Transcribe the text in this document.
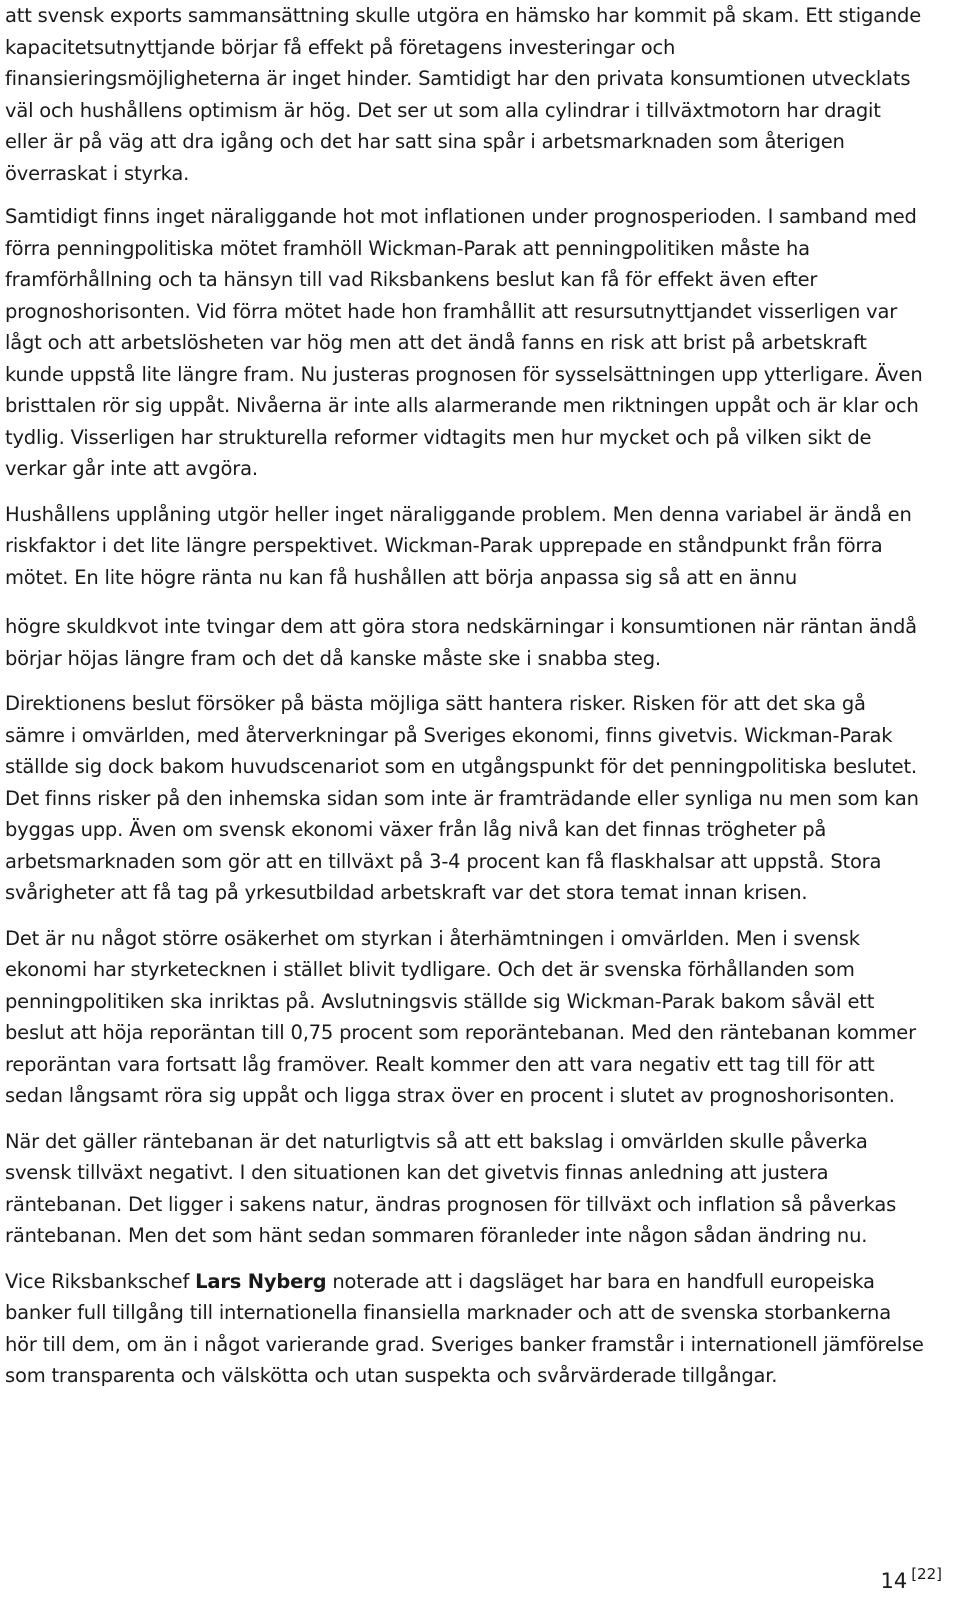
att svensk exports sammansättning skulle utgöra en hämsko har kommit på skam. Ett stigande kapacitetsutnyttjande börjar få effekt på företagens investeringar och finansieringsmöjligheterna är inget hinder. Samtidigt har den privata konsumtionen utvecklats väl och hushållens optimism är hög. Det ser ut som alla cylindrar i tillväxtmotorn har dragit eller är på väg att dra igång och det har satt sina spår i arbetsmarknaden som återigen överraskat i styrka.

Samtidigt finns inget näraliggande hot mot inflationen under prognosperioden. I samband med förra penningpolitiska mötet framhöll Wickman-Parak att penningpolitiken måste ha framförhållning och ta hänsyn till vad Riksbankens beslut kan få för effekt även efter prognoshorisonten. Vid förra mötet hade hon framhållit att resursutnyttjandet visserligen var lågt och att arbetslösheten var hög men att det ändå fanns en risk att brist på arbetskraft kunde uppstå lite längre fram. Nu justeras prognosen för sysselsättningen upp ytterligare. Även bristtalen rör sig uppåt. Nivåerna är inte alls alarmerande men riktningen uppåt och är klar och tydlig. Visserligen har strukturella reformer vidtagits men hur mycket och på vilken sikt de verkar går inte att avgöra.

Hushållens upplåning utgör heller inget näraliggande problem. Men denna variabel är ändå en riskfaktor i det lite längre perspektivet. Wickman-Parak upprepade en ståndpunkt från förra mötet. En lite högre ränta nu kan få hushållen att börja anpassa sig så att en ännu

högre skuldkvot inte tvingar dem att göra stora nedskärningar i konsumtionen när räntan ändå börjar höjas längre fram och det då kanske måste ske i snabba steg.

Direktionens beslut försöker på bästa möjliga sätt hantera risker. Risken för att det ska gå sämre i omvärlden, med återverkningar på Sveriges ekonomi, finns givetvis. Wickman-Parak ställde sig dock bakom huvudscenariot som en utgångspunkt för det penningpolitiska beslutet. Det finns risker på den inhemska sidan som inte är framträdande eller synliga nu men som kan byggas upp. Även om svensk ekonomi växer från låg nivå kan det finnas trögheter på arbetsmarknaden som gör att en tillväxt på 3-4 procent kan få flaskhalsar att uppstå. Stora svårigheter att få tag på yrkesutbildad arbetskraft var det stora temat innan krisen.

Det är nu något större osäkerhet om styrkan i återhämtningen i omvärlden. Men i svensk ekonomi har styrketecknen i stället blivit tydligare. Och det är svenska förhållanden som penningpolitiken ska inriktas på. Avslutningsvis ställde sig Wickman-Parak bakom såväl ett beslut att höja reporäntan till 0,75 procent som reporäntebanan. Med den räntebanan kommer reporäntan vara fortsatt låg framöver. Realt kommer den att vara negativ ett tag till för att sedan långsamt röra sig uppåt och ligga strax över en procent i slutet av prognoshorisonten.

När det gäller räntebanan är det naturligtvis så att ett bakslag i omvärlden skulle påverka svensk tillväxt negativt. I den situationen kan det givetvis finnas anledning att justera räntebanan. Det ligger i sakens natur, ändras prognosen för tillväxt och inflation så påverkas räntebanan. Men det som hänt sedan sommaren föranleder inte någon sådan ändring nu.

Vice Riksbankschef Lars Nyberg noterade att i dagsläget har bara en handfull europeiska banker full tillgång till internationella finansiella marknader och att de svenska storbankerna hör till dem, om än i något varierande grad. Sveriges banker framstår i internationell jämförelse som transparenta och välskötta och utan suspekta och svårvärderade tillgångar.

14 [22]
